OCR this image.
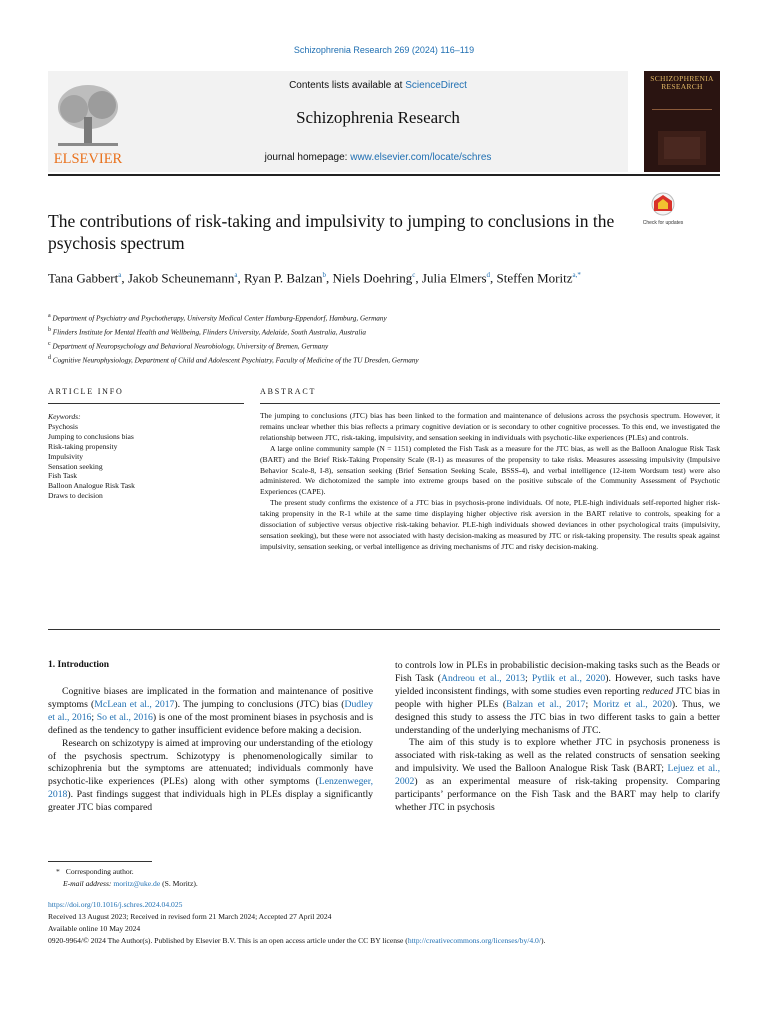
Schizophrenia Research 269 (2024) 116–119
ELSEVIER
Contents lists available at ScienceDirect
Schizophrenia Research
journal homepage: www.elsevier.com/locate/schres
SCHIZOPHRENIA RESEARCH
Check for updates
The contributions of risk-taking and impulsivity to jumping to conclusions in the psychosis spectrum
Tana Gabbert$^a$, Jakob Scheunemann$^a$, Ryan P. Balzan$^b$, Niels Doehring$^c$, Julia Elmers$^d$, Steffen Moritz$^{a,*}$
$^a$ Department of Psychiatry and Psychotherapy, University Medical Center Hamburg-Eppendorf, Hamburg, Germany
$^b$ Flinders Institute for Mental Health and Wellbeing, Flinders University, Adelaide, South Australia, Australia
$^c$ Department of Neuropsychology and Behavioral Neurobiology, University of Bremen, Germany
$^d$ Cognitive Neurophysiology, Department of Child and Adolescent Psychiatry, Faculty of Medicine of the TU Dresden, Germany
ARTICLE INFO	ABSTRACT
Keywords:
Psychosis
Jumping to conclusions bias
Risk-taking propensity
Impulsivity
Sensation seeking
Fish Task
Balloon Analogue Risk Task
Draws to decision

The jumping to conclusions (JTC) bias has been linked to the formation and maintenance of delusions across the psychosis spectrum. However, it remains unclear whether this bias reflects a primary cognitive deviation or is secondary to other cognitive processes. To this end, we investigated the relationship between JTC, risk-taking, impulsivity, and sensation seeking in individuals with psychotic-like experiences (PLEs) and controls.

A large online community sample (N = 1151) completed the Fish Task as a measure for the JTC bias, as well as the Balloon Analogue Risk Task (BART) and the Brief Risk-Taking Propensity Scale (R-1) as measures of the propensity to take risks. Measures assessing impulsivity (Impulsive Behavior Scale-8, I-8), sensation seeking (Brief Sensation Seeking Scale, BSSS-4), and verbal intelligence (12-item Wordsum test) were also administered. We dichotomized the sample into extreme groups based on the positive subscale of the Community Assessment of Psychotic Experiences (CAPE).

The present study confirms the existence of a JTC bias in psychosis-prone individuals. Of note, PLE-high individuals self-reported higher risk-taking propensity in the R-1 while at the same time displaying higher objective risk aversion in the BART relative to controls, speaking for a dissociation of subjective versus objective risk-taking behavior. PLE-high individuals showed deviances in other psychological traits (impulsivity, sensation seeking), but these were not associated with hasty decision-making as measured by JTC or risk-taking propensity. The results speak against impulsivity, sensation seeking, or verbal intelligence as driving mechanisms of JTC and risky decision-making.

1. Introduction

Cognitive biases are implicated in the formation and maintenance of positive symptoms (McLean et al., 2017). The jumping to conclusions (JTC) bias (Dudley et al., 2016; So et al., 2016) is one of the most prominent biases in psychosis and is defined as the tendency to gather insufficient evidence before making a decision.

Research on schizotypy is aimed at improving our understanding of the etiology of the psychosis spectrum. Schizotypy is phenomenologically similar to schizophrenia but the symptoms are attenuated; individuals commonly have psychotic-like experiences (PLEs) along with other symptoms (Lenzenweger, 2018). Past findings suggest that individuals high in PLEs display a significantly greater JTC bias compared

to controls low in PLEs in probabilistic decision-making tasks such as the Beads or Fish Task (Andreou et al., 2013; Pytlik et al., 2020). However, such tasks have yielded inconsistent findings, with some studies even reporting reduced JTC bias in people with higher PLEs (Balzan et al., 2017; Moritz et al., 2020). Thus, we designed this study to assess the JTC bias in two different tasks to gain a better understanding of the underlying mechanisms of JTC.

The aim of this study is to explore whether JTC in psychosis proneness is associated with risk-taking as well as the related constructs of sensation seeking and impulsivity. We used the Balloon Analogue Risk Task (BART; Lejuez et al., 2002) as an experimental measure of risk-taking propensity. Comparing participants’ performance on the Fish Task and the BART may help to clarify whether JTC in psychosis

* Corresponding author.
E-mail address: moritz@uke.de (S. Moritz).
https://doi.org/10.1016/j.schres.2024.04.025
Received 13 August 2023; Received in revised form 21 March 2024; Accepted 27 April 2024
Available online 10 May 2024
0920-9964/© 2024 The Author(s). Published by Elsevier B.V. This is an open access article under the CC BY license (http://creativecommons.org/licenses/by/4.0/).
